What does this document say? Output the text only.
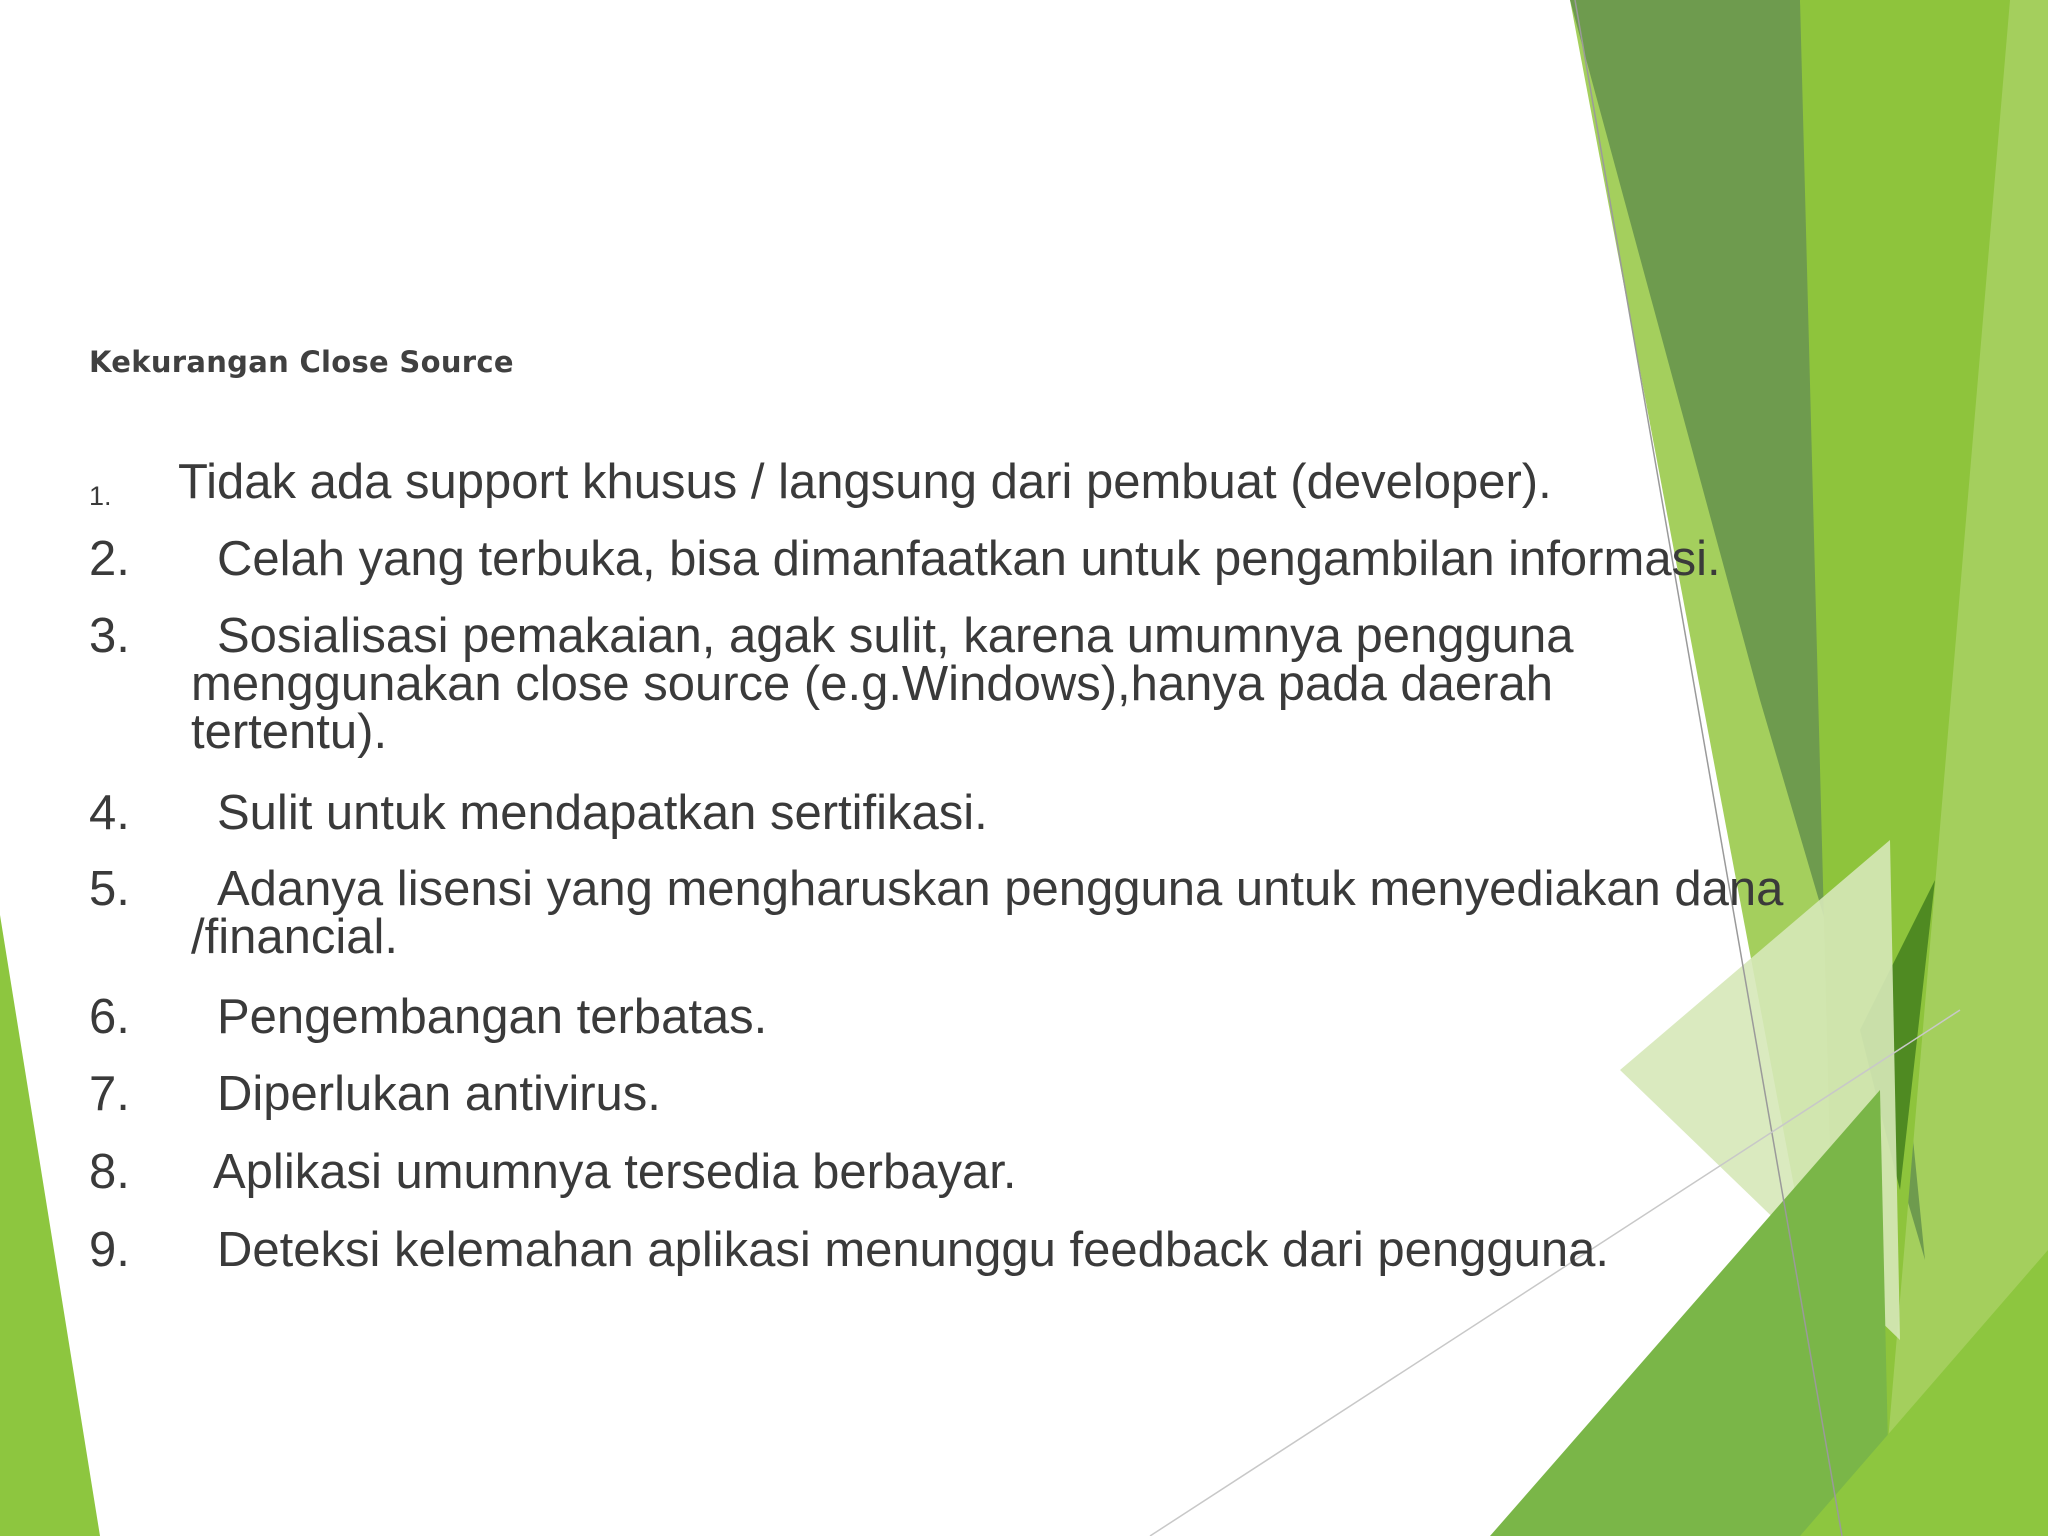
Kekurangan Close Source
1. Tidak ada support khusus / langsung dari pembuat (developer).
2. Celah yang terbuka, bisa dimanfaatkan untuk pengambilan informasi.
3. Sosialisasi pemakaian, agak sulit, karena umumnya pengguna
menggunakan close source (e.g.Windows),hanya pada daerah
tertentu).
4. Sulit untuk mendapatkan sertifikasi.
5. Adanya lisensi yang mengharuskan pengguna untuk menyediakan dana
/financial.
6. Pengembangan terbatas.
7. Diperlukan antivirus.
8. Aplikasi umumnya tersedia berbayar.
9. Deteksi kelemahan aplikasi menunggu feedback dari pengguna.
